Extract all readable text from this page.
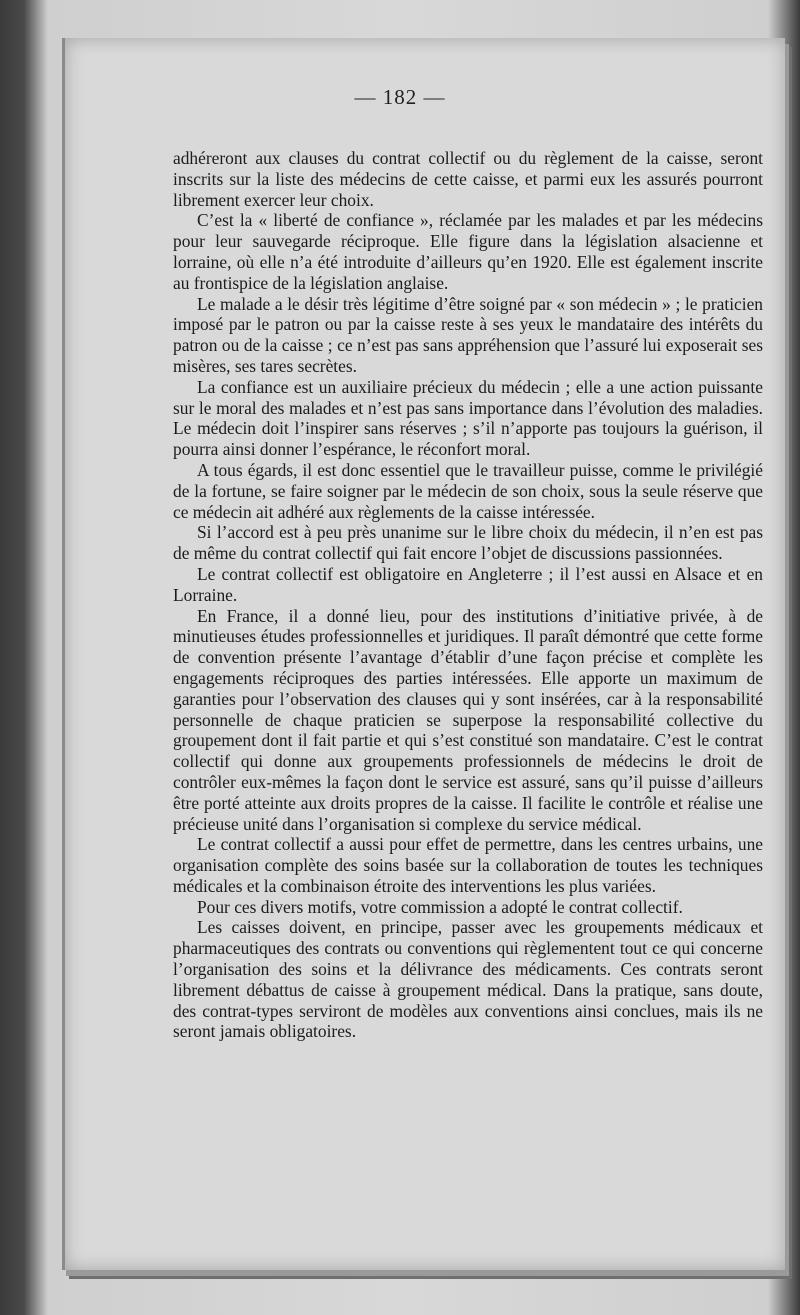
— 182 —

adhéreront aux clauses du contrat collectif ou du règlement de la caisse, seront inscrits sur la liste des médecins de cette caisse, et parmi eux les assurés pourront librement exercer leur choix.

C’est la « liberté de confiance », réclamée par les malades et par les médecins pour leur sauvegarde réciproque. Elle figure dans la législation alsacienne et lorraine, où elle n’a été introduite d’ailleurs qu’en 1920. Elle est également inscrite au frontispice de la législation anglaise.

Le malade a le désir très légitime d’être soigné par « son médecin » ; le praticien imposé par le patron ou par la caisse reste à ses yeux le mandataire des intérêts du patron ou de la caisse ; ce n’est pas sans appréhension que l’assuré lui exposerait ses misères, ses tares secrètes.

La confiance est un auxiliaire précieux du médecin ; elle a une action puissante sur le moral des malades et n’est pas sans importance dans l’évolution des maladies. Le médecin doit l’inspirer sans réserves ; s’il n’apporte pas toujours la guérison, il pourra ainsi donner l’espérance, le réconfort moral.

A tous égards, il est donc essentiel que le travailleur puisse, comme le privilégié de la fortune, se faire soigner par le médecin de son choix, sous la seule réserve que ce médecin ait adhéré aux règlements de la caisse intéressée.

Si l’accord est à peu près unanime sur le libre choix du médecin, il n’en est pas de même du contrat collectif qui fait encore l’objet de discussions passionnées.

Le contrat collectif est obligatoire en Angleterre ; il l’est aussi en Alsace et en Lorraine.

En France, il a donné lieu, pour des institutions d’initiative privée, à de minutieuses études professionnelles et juridiques. Il paraît démontré que cette forme de convention présente l’avantage d’établir d’une façon précise et complète les engagements réciproques des parties intéressées. Elle apporte un maximum de garanties pour l’observation des clauses qui y sont insérées, car à la responsabilité personnelle de chaque praticien se superpose la responsabilité collective du groupement dont il fait partie et qui s’est constitué son mandataire. C’est le contrat collectif qui donne aux groupements professionnels de médecins le droit de contrôler eux-mêmes la façon dont le service est assuré, sans qu’il puisse d’ailleurs être porté atteinte aux droits propres de la caisse. Il facilite le contrôle et réalise une précieuse unité dans l’organisation si complexe du service médical.

Le contrat collectif a aussi pour effet de permettre, dans les centres urbains, une organisation complète des soins basée sur la collaboration de toutes les techniques médicales et la combinaison étroite des interventions les plus variées.

Pour ces divers motifs, votre commission a adopté le contrat collectif.

Les caisses doivent, en principe, passer avec les groupements médicaux et pharmaceutiques des contrats ou conventions qui règlementent tout ce qui concerne l’organisation des soins et la délivrance des médicaments. Ces contrats seront librement débattus de caisse à groupement médical. Dans la pratique, sans doute, des contrat-types serviront de modèles aux conventions ainsi conclues, mais ils ne seront jamais obligatoires.
